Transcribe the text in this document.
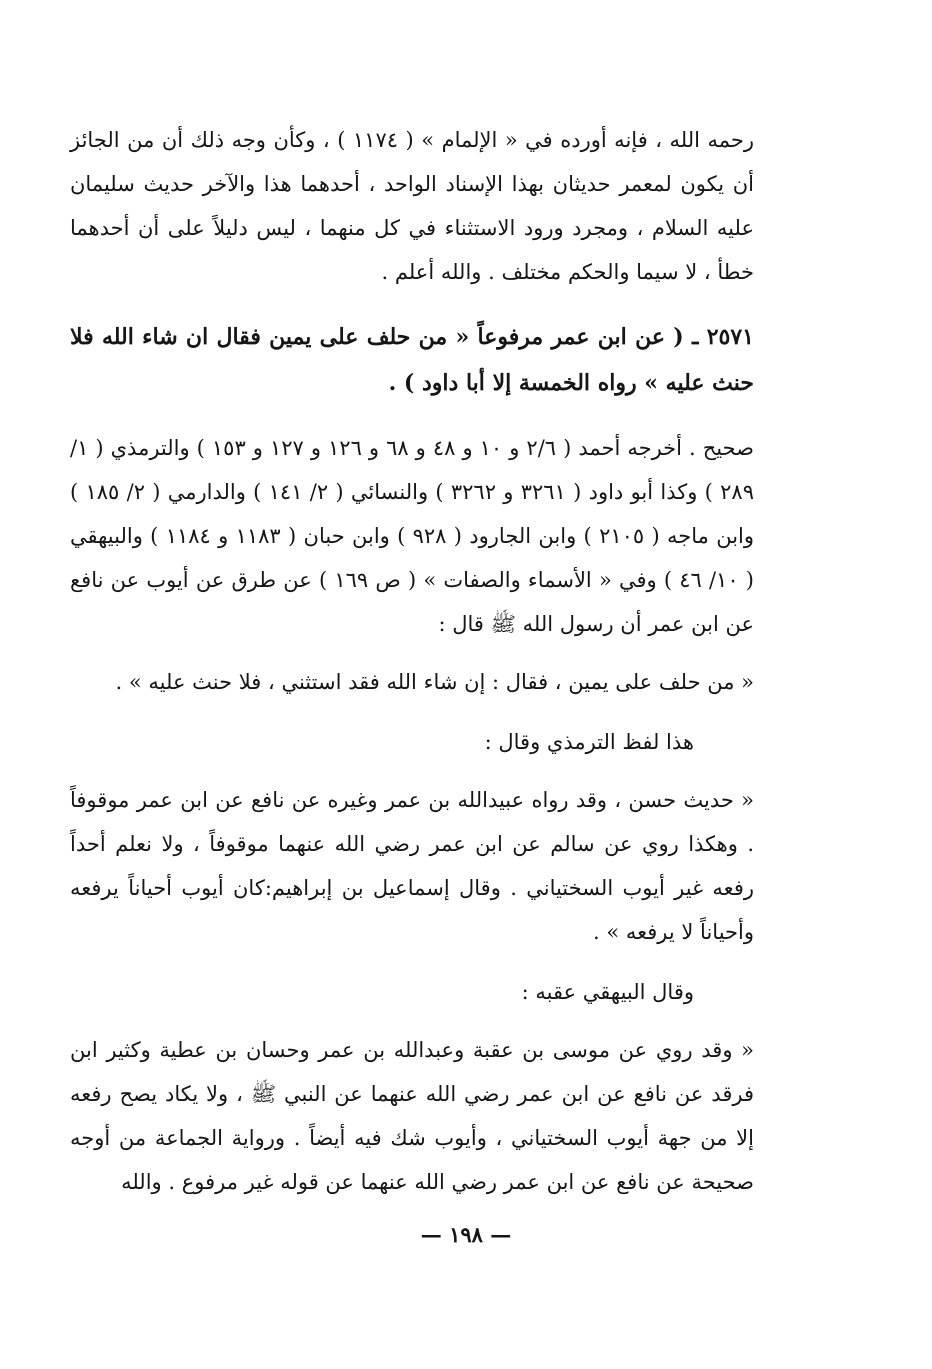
رحمه الله ، فإنه أورده في « الإلمام » ( ١١٧٤ ) ، وكأن وجه ذلك أن من الجائز أن يكون لمعمر حديثان بهذا الإسناد الواحد ، أحدهما هذا والآخر حديث سليمان عليه السلام ، ومجرد ورود الاستثناء في كل منهما ، ليس دليلاً على أن أحدهما خطأ ، لا سيما والحكم مختلف . والله أعلم .

٢٥٧١ ـ ( عن ابن عمر مرفوعاً « من حلف على يمين فقال ان شاء الله فلا حنث عليه » رواه الخمسة إلا أبا داود ) .

صحيح . أخرجه أحمد ( ٢/٦ و ١٠ و ٤٨ و ٦٨ و ١٢٦ و ١٢٧ و ١٥٣ ) والترمذي ( ١/ ٢٨٩ ) وكذا أبو داود ( ٣٢٦١ و ٣٢٦٢ ) والنسائي ( ٢/ ١٤١ ) والدارمي ( ٢/ ١٨٥ ) وابن ماجه ( ٢١٠٥ ) وابن الجارود ( ٩٢٨ ) وابن حبان ( ١١٨٣ و ١١٨٤ ) والبيهقي ( ١٠/ ٤٦ ) وفي « الأسماء والصفات » ( ص ١٦٩ ) عن طرق عن أيوب عن نافع عن ابن عمر أن رسول الله ﷺ قال :

« من حلف على يمين ، فقال : إن شاء الله فقد استثني ، فلا حنث عليه » .

هذا لفظ الترمذي وقال :

« حديث حسن ، وقد رواه عبيدالله بن عمر وغيره عن نافع عن ابن عمر موقوفاً . وهكذا روي عن سالم عن ابن عمر رضي الله عنهما موقوفاً ، ولا نعلم أحداً رفعه غير أيوب السختياني . وقال إسماعيل بن إبراهيم:كان أيوب أحياناً يرفعه وأحياناً لا يرفعه » .

وقال البيهقي عقبه :

« وقد روي عن موسى بن عقبة وعبدالله بن عمر وحسان بن عطية وكثير ابن فرقد عن نافع عن ابن عمر رضي الله عنهما عن النبي ﷺ ، ولا يكاد يصح رفعه إلا من جهة أيوب السختياني ، وأيوب شك فيه أيضاً . ورواية الجماعة من أوجه صحيحة عن نافع عن ابن عمر رضي الله عنهما عن قوله غير مرفوع . والله

— ١٩٨ —
